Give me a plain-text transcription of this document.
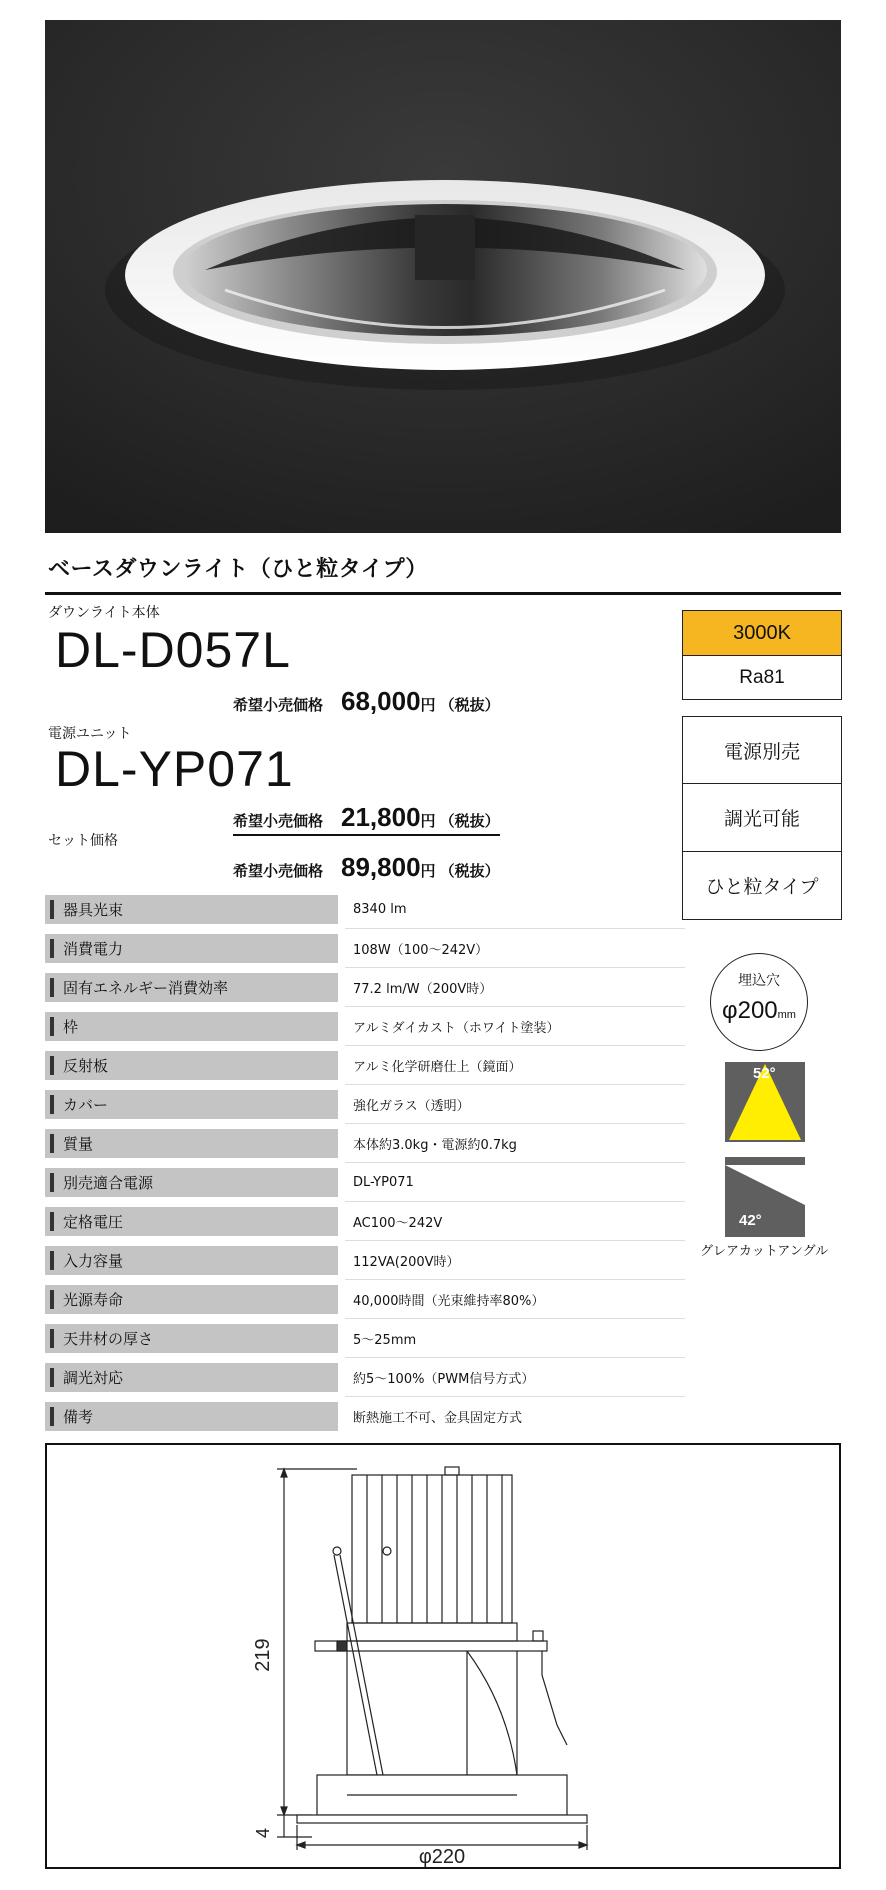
ベースダウンライト（ひと粒タイプ）
ダウンライト本体
DL-D057L
希望小売価格 68,000 円 （税抜）
電源ユニット
DL-YP071
希望小売価格 21,800 円 （税抜）
セット価格
希望小売価格 89,800 円 （税抜）
器具光束	8340 lm
消費電力	108W（100～242V）
固有エネルギー消費効率	77.2 lm/W（200V時）
枠	アルミダイカスト（ホワイト塗装）
反射板	アルミ化学研磨仕上（鏡面）
カバー	強化ガラス（透明）
質量	本体約3.0kg・電源約0.7kg
別売適合電源	DL-YP071
定格電圧	AC100～242V
入力容量	112VA(200V時）
光源寿命	40,000時間（光束維持率80%）
天井材の厚さ	5～25mm
調光対応	約5～100%（PWM信号方式）
備考	断熱施工不可、金具固定方式
3000K
Ra81
電源別売
調光可能
ひと粒タイプ
埋込穴
φ200mm
52°
42°
グレアカットアングル
219
4
φ220
